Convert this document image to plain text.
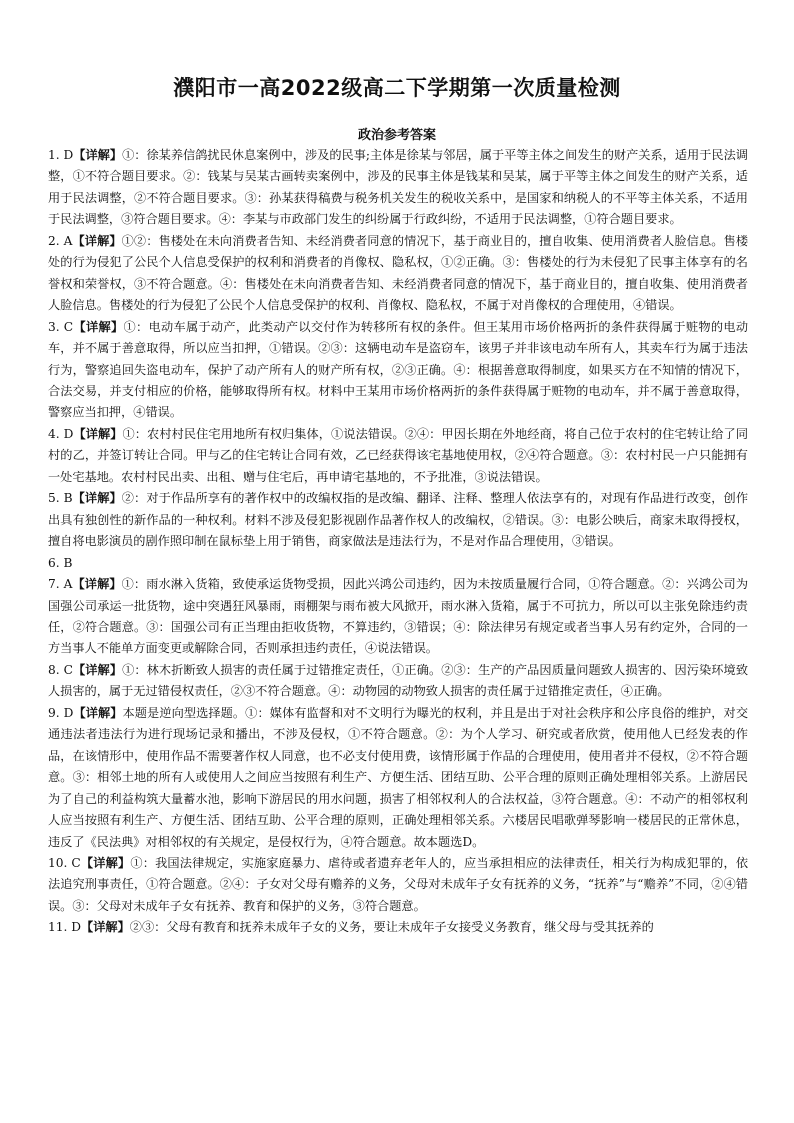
濮阳市一高2022级高二下学期第一次质量检测
政治参考答案

1. D【详解】①：徐某养信鸽扰民休息案例中，涉及的民事;主体是徐某与邻居，属于平等主体之间发生的财产关系，适用于民法调整，①不符合题目要求。②：钱某与吴某古画转卖案例中，涉及的民事主体是钱某和吴某，属于平等主体之间发生的财产关系，适用于民法调整，②不符合题目要求。③：孙某获得稿费与税务机关发生的税收关系中，是国家和纳税人的不平等主体关系，不适用于民法调整，③符合题目要求。④：李某与市政部门发生的纠纷属于行政纠纷，不适用于民法调整，①符合题目要求。

2. A【详解】①②：售楼处在未向消费者告知、未经消费者同意的情况下，基于商业目的，擅自收集、使用消费者人脸信息。售楼处的行为侵犯了公民个人信息受保护的权利和消费者的肖像权、隐私权，①②正确。③：售楼处的行为未侵犯了民事主体享有的名誉权和荣誉权，③不符合题意。④：售楼处在未向消费者告知、未经消费者同意的情况下，基于商业目的，擅自收集、使用消费者人脸信息。售楼处的行为侵犯了公民个人信息受保护的权利、肖像权、隐私权，不属于对肖像权的合理使用，④错误。

3. C【详解】①：电动车属于动产，此类动产以交付作为转移所有权的条件。但王某用市场价格两折的条件获得属于赃物的电动车，并不属于善意取得，所以应当扣押，①错误。②③：这辆电动车是盗窃车，该男子并非该电动车所有人，其卖车行为属于违法行为，警察追回失盗电动车，保护了动产所有人的财产所有权，②③正确。④：根据善意取得制度，如果买方在不知情的情况下，合法交易，并支付相应的价格，能够取得所有权。材料中王某用市场价格两折的条件获得属于赃物的电动车，并不属于善意取得，警察应当扣押，④错误。

4. D【详解】①：农村村民住宅用地所有权归集体，①说法错误。②④：甲因长期在外地经商，将自己位于农村的住宅转让给了同村的乙，并签订转让合同。甲与乙的住宅转让合同有效，乙已经获得该宅基地使用权，②④符合题意。③：农村村民一户只能拥有一处宅基地。农村村民出卖、出租、赠与住宅后，再申请宅基地的，不予批准，③说法错误。

5. B【详解】②：对于作品所享有的著作权中的改编权指的是改编、翻译、注释、整理人依法享有的，对现有作品进行改变，创作出具有独创性的新作品的一种权利。材料不涉及侵犯影视剧作品著作权人的改编权，②错误。③：电影公映后，商家未取得授权，擅自将电影演员的剧作照印制在鼠标垫上用于销售，商家做法是违法行为，不是对作品合理使用，③错误。

6. B

7. A【详解】①：雨水淋入货箱，致使承运货物受损，因此兴鸿公司违约，因为未按质量履行合同，①符合题意。②：兴鸿公司为国强公司承运一批货物，途中突遇狂风暴雨，雨棚架与雨布被大风掀开，雨水淋入货箱，属于不可抗力，所以可以主张免除违约责任，②符合题意。③：国强公司有正当理由拒收货物，不算违约，③错误；④：除法律另有规定或者当事人另有约定外，合同的一方当事人不能单方面变更或解除合同，否则承担违约责任，④说法错误。

8. C【详解】①：林木折断致人损害的责任属于过错推定责任，①正确。②③：生产的产品因质量问题致人损害的、因污染环境致人损害的，属于无过错侵权责任，②③不符合题意。④：动物园的动物致人损害的责任属于过错推定责任，④正确。

9. D【详解】本题是逆向型选择题。①：媒体有监督和对不文明行为曝光的权利，并且是出于对社会秩序和公序良俗的维护，对交通违法者违法行为进行现场记录和播出，不涉及侵权，①不符合题意。②：为个人学习、研究或者欣赏，使用他人已经发表的作品，在该情形中，使用作品不需要著作权人同意，也不必支付使用费，该情形属于作品的合理使用，使用者并不侵权，②不符合题意。③：相邻土地的所有人或使用人之间应当按照有利生产、方便生活、团结互助、公平合理的原则正确处理相邻关系。上游居民为了自己的利益构筑大量蓄水池，影响下游居民的用水问题，损害了相邻权利人的合法权益，③符合题意。④：不动产的相邻权利人应当按照有利生产、方便生活、团结互助、公平合理的原则，正确处理相邻关系。六楼居民唱歌弹琴影响一楼居民的正常休息，违反了《民法典》对相邻权的有关规定，是侵权行为，④符合题意。故本题选D。

10. C【详解】①：我国法律规定，实施家庭暴力、虐待或者遗弃老年人的，应当承担相应的法律责任，相关行为构成犯罪的，依法追究刑事责任，①符合题意。②④：子女对父母有赡养的义务，父母对未成年子女有抚养的义务，“抚养”与“赡养”不同，②④错误。③：父母对未成年子女有抚养、教育和保护的义务，③符合题意。

11. D【详解】②③：父母有教育和抚养未成年子女的义务，要让未成年子女接受义务教育，继父母与受其抚养的
